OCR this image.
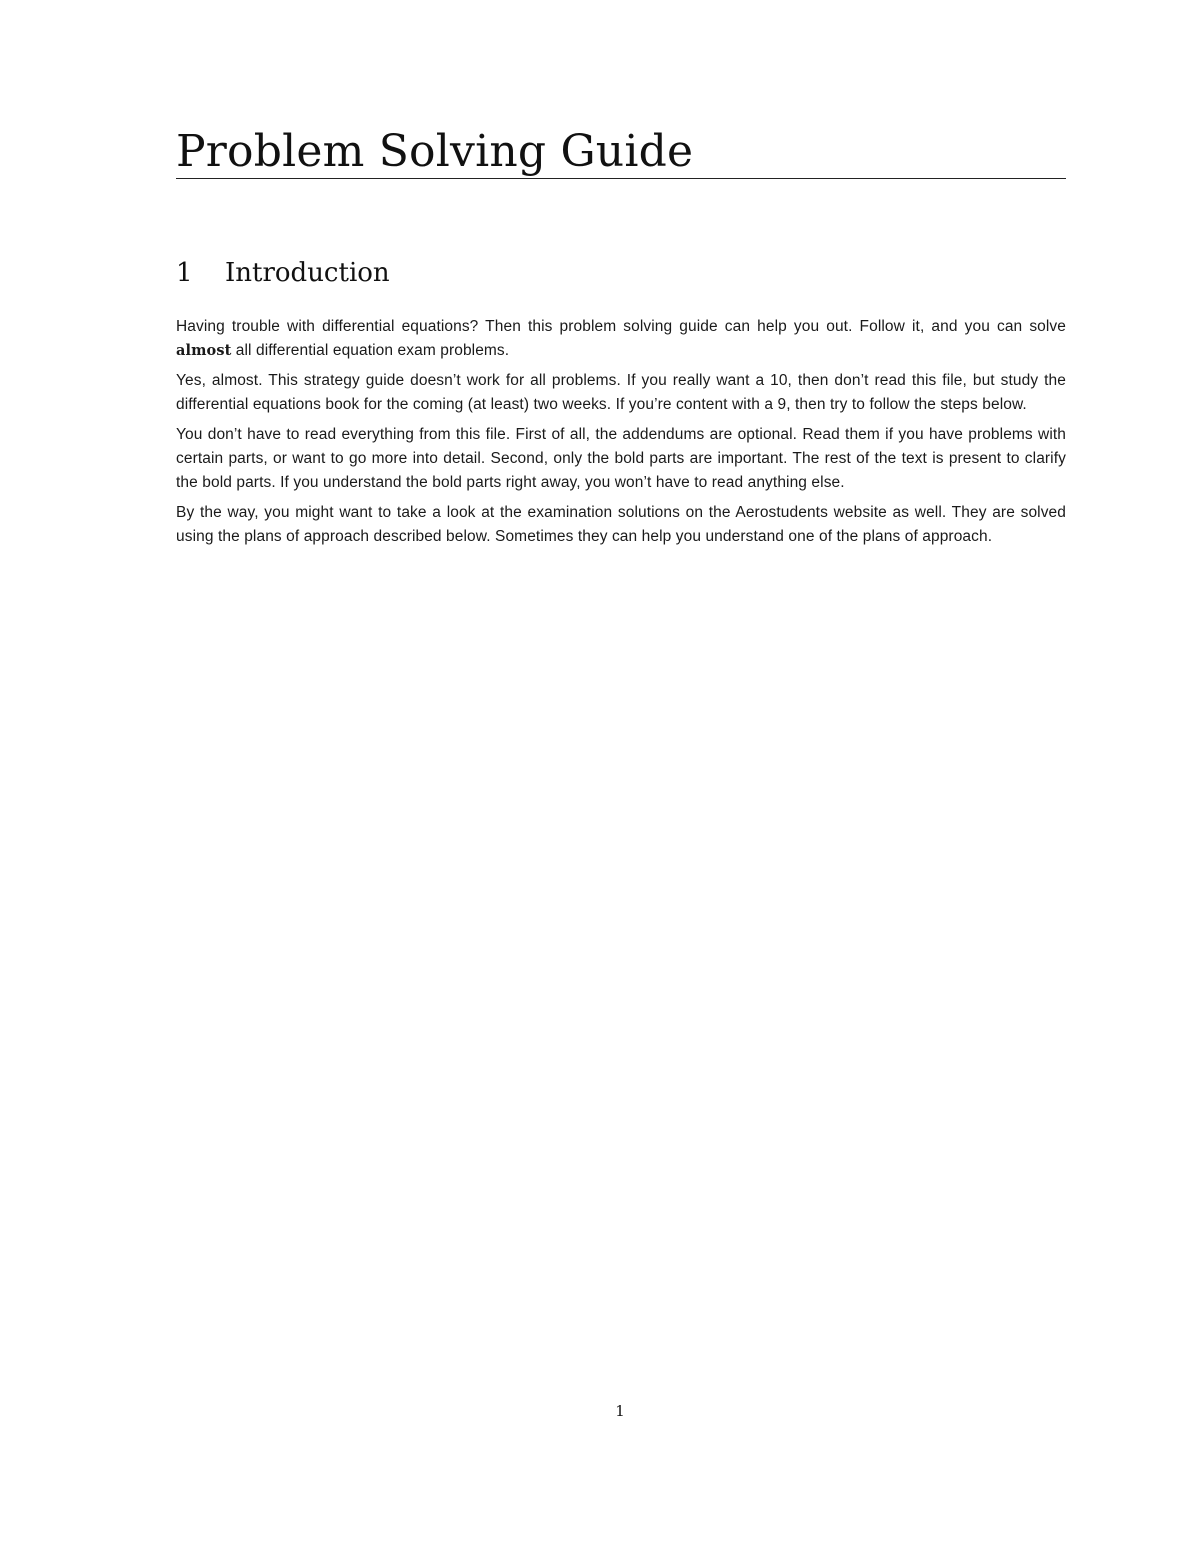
Problem Solving Guide
1 Introduction

Having trouble with differential equations? Then this problem solving guide can help you out. Follow it, and you can solve almost all differential equation exam problems.

Yes, almost. This strategy guide doesn’t work for all problems. If you really want a 10, then don’t read this file, but study the differential equations book for the coming (at least) two weeks. If you’re content with a 9, then try to follow the steps below.

You don’t have to read everything from this file. First of all, the addendums are optional. Read them if you have problems with certain parts, or want to go more into detail. Second, only the bold parts are important. The rest of the text is present to clarify the bold parts. If you understand the bold parts right away, you won’t have to read anything else.

By the way, you might want to take a look at the examination solutions on the Aerostudents website as well. They are solved using the plans of approach described below. Sometimes they can help you understand one of the plans of approach.

1
